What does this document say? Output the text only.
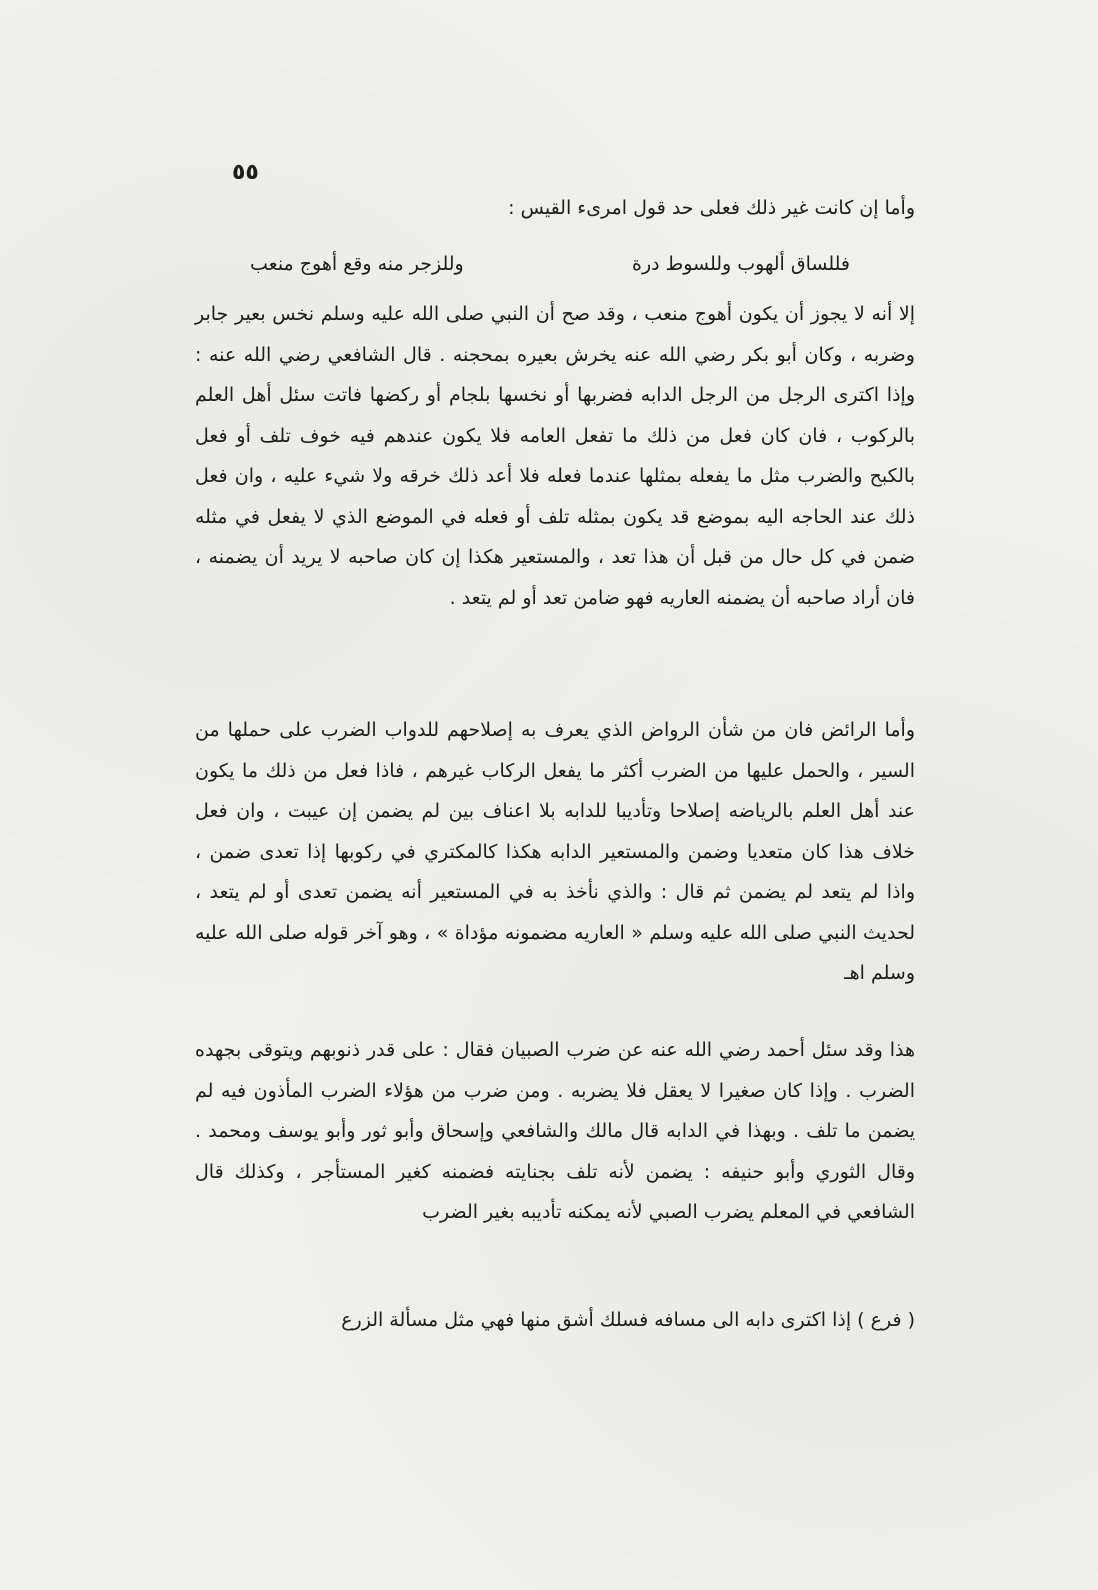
٥٥
وأما إن كانت غير ذلك فعلى حد قول امرىء القيس :
فللساق ألهوب وللسوط درة
وللزجر منه وقع أهوج منعب
إلا أنه لا يجوز أن يكون أهوج منعب ، وقد صح أن النبي صلى الله عليه وسلم نخس بعير جابر وضربه ، وكان أبو بكر رضي الله عنه يخرش بعيره بمحجنه . قال الشافعي رضي الله عنه : وإذا اكترى الرجل من الرجل الدابه فضربها أو نخسها بلجام أو ركضها فاتت سئل أهل العلم بالركوب ، فان كان فعل من ذلك ما تفعل العامه فلا يكون عندهم فيه خوف تلف أو فعل بالكبح والضرب مثل ما يفعله بمثلها عندما فعله فلا أعد ذلك خرقه ولا شيء عليه ، وان فعل ذلك عند الحاجه اليه بموضع قد يكون بمثله تلف أو فعله في الموضع الذي لا يفعل في مثله ضمن في كل حال من قبل أن هذا تعد ، والمستعير هكذا إن كان صاحبه لا يريد أن يضمنه ، فان أراد صاحبه أن يضمنه العاريه فهو ضامن تعد أو لم يتعد .
وأما الرائض فان من شأن الرواض الذي يعرف به إصلاحهم للدواب الضرب على حملها من السير ، والحمل عليها من الضرب أكثر ما يفعل الركاب غيرهم ، فاذا فعل من ذلك ما يكون عند أهل العلم بالرياضه إصلاحا وتأديبا للدابه بلا اعناف بين لم يضمن إن عيبت ، وان فعل خلاف هذا كان متعديا وضمن والمستعير الدابه هكذا كالمكتري في ركوبها إذا تعدى ضمن ، واذا لم يتعد لم يضمن ثم قال : والذي نأخذ به في المستعير أنه يضمن تعدى أو لم يتعد ، لحديث النبي صلى الله عليه وسلم « العاريه مضمونه مؤداة » ، وهو آخر قوله صلى الله عليه وسلم اهـ
هذا وقد سئل أحمد رضي الله عنه عن ضرب الصبيان فقال : على قدر ذنوبهم ويتوقى بجهده الضرب . وإذا كان صغيرا لا يعقل فلا يضربه . ومن ضرب من هؤلاء الضرب المأذون فيه لم يضمن ما تلف . وبهذا في الدابه قال مالك والشافعي وإسحاق وأبو ثور وأبو يوسف ومحمد . وقال الثوري وأبو حنيفه : يضمن لأنه تلف بجنايته فضمنه كغير المستأجر ، وكذلك قال الشافعي في المعلم يضرب الصبي لأنه يمكنه تأديبه بغير الضرب
( فرع ) إذا اكترى دابه الى مسافه فسلك أشق منها فهي مثل مسألة الزرع
